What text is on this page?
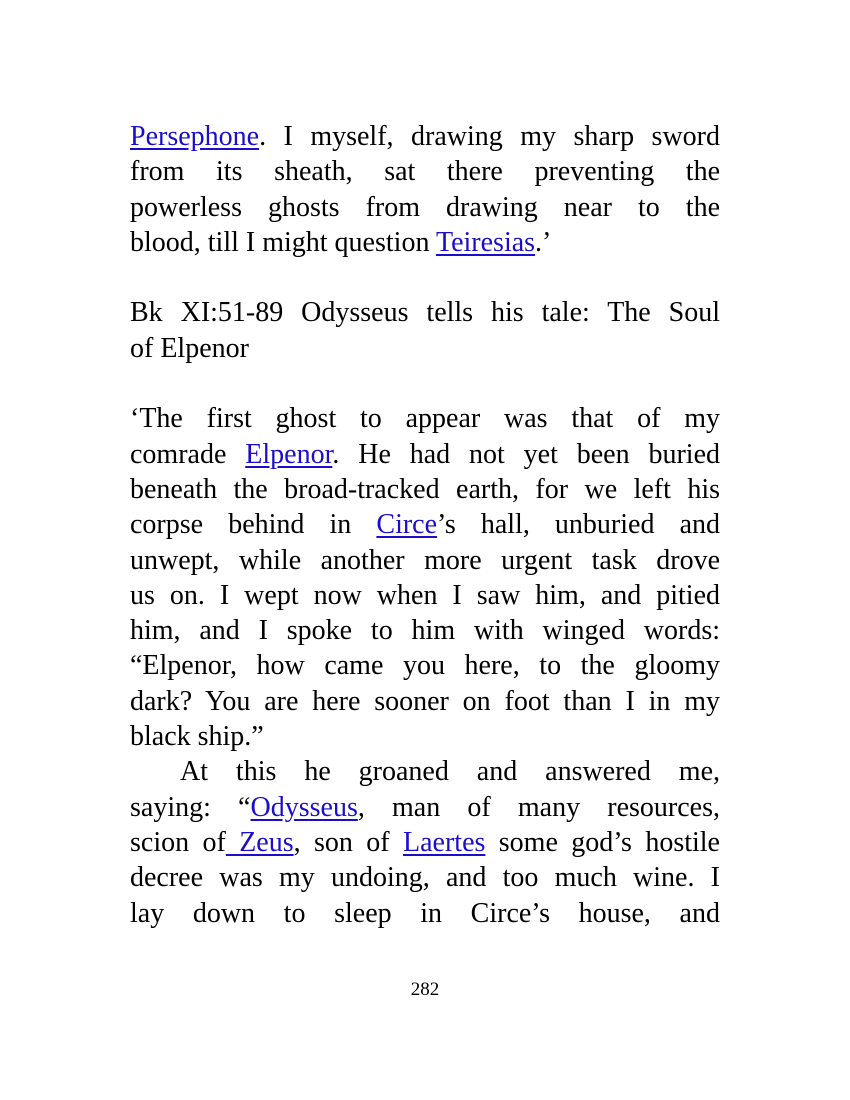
Persephone. I myself, drawing my sharp sword
from its sheath, sat there preventing the
powerless ghosts from drawing near to the
blood, till I might question Teiresias.’
Bk XI:51-89 Odysseus tells his tale: The Soul
of Elpenor
‘The first ghost to appear was that of my
comrade Elpenor. He had not yet been buried
beneath the broad-tracked earth, for we left his
corpse behind in Circe’s hall, unburied and
unwept, while another more urgent task drove
us on. I wept now when I saw him, and pitied
him, and I spoke to him with winged words:
“Elpenor, how came you here, to the gloomy
dark? You are here sooner on foot than I in my
black ship.”
At this he groaned and answered me,
saying: “Odysseus, man of many resources,
scion of Zeus, son of Laertes some god’s hostile
decree was my undoing, and too much wine. I
lay down to sleep in Circe’s house, and
282
